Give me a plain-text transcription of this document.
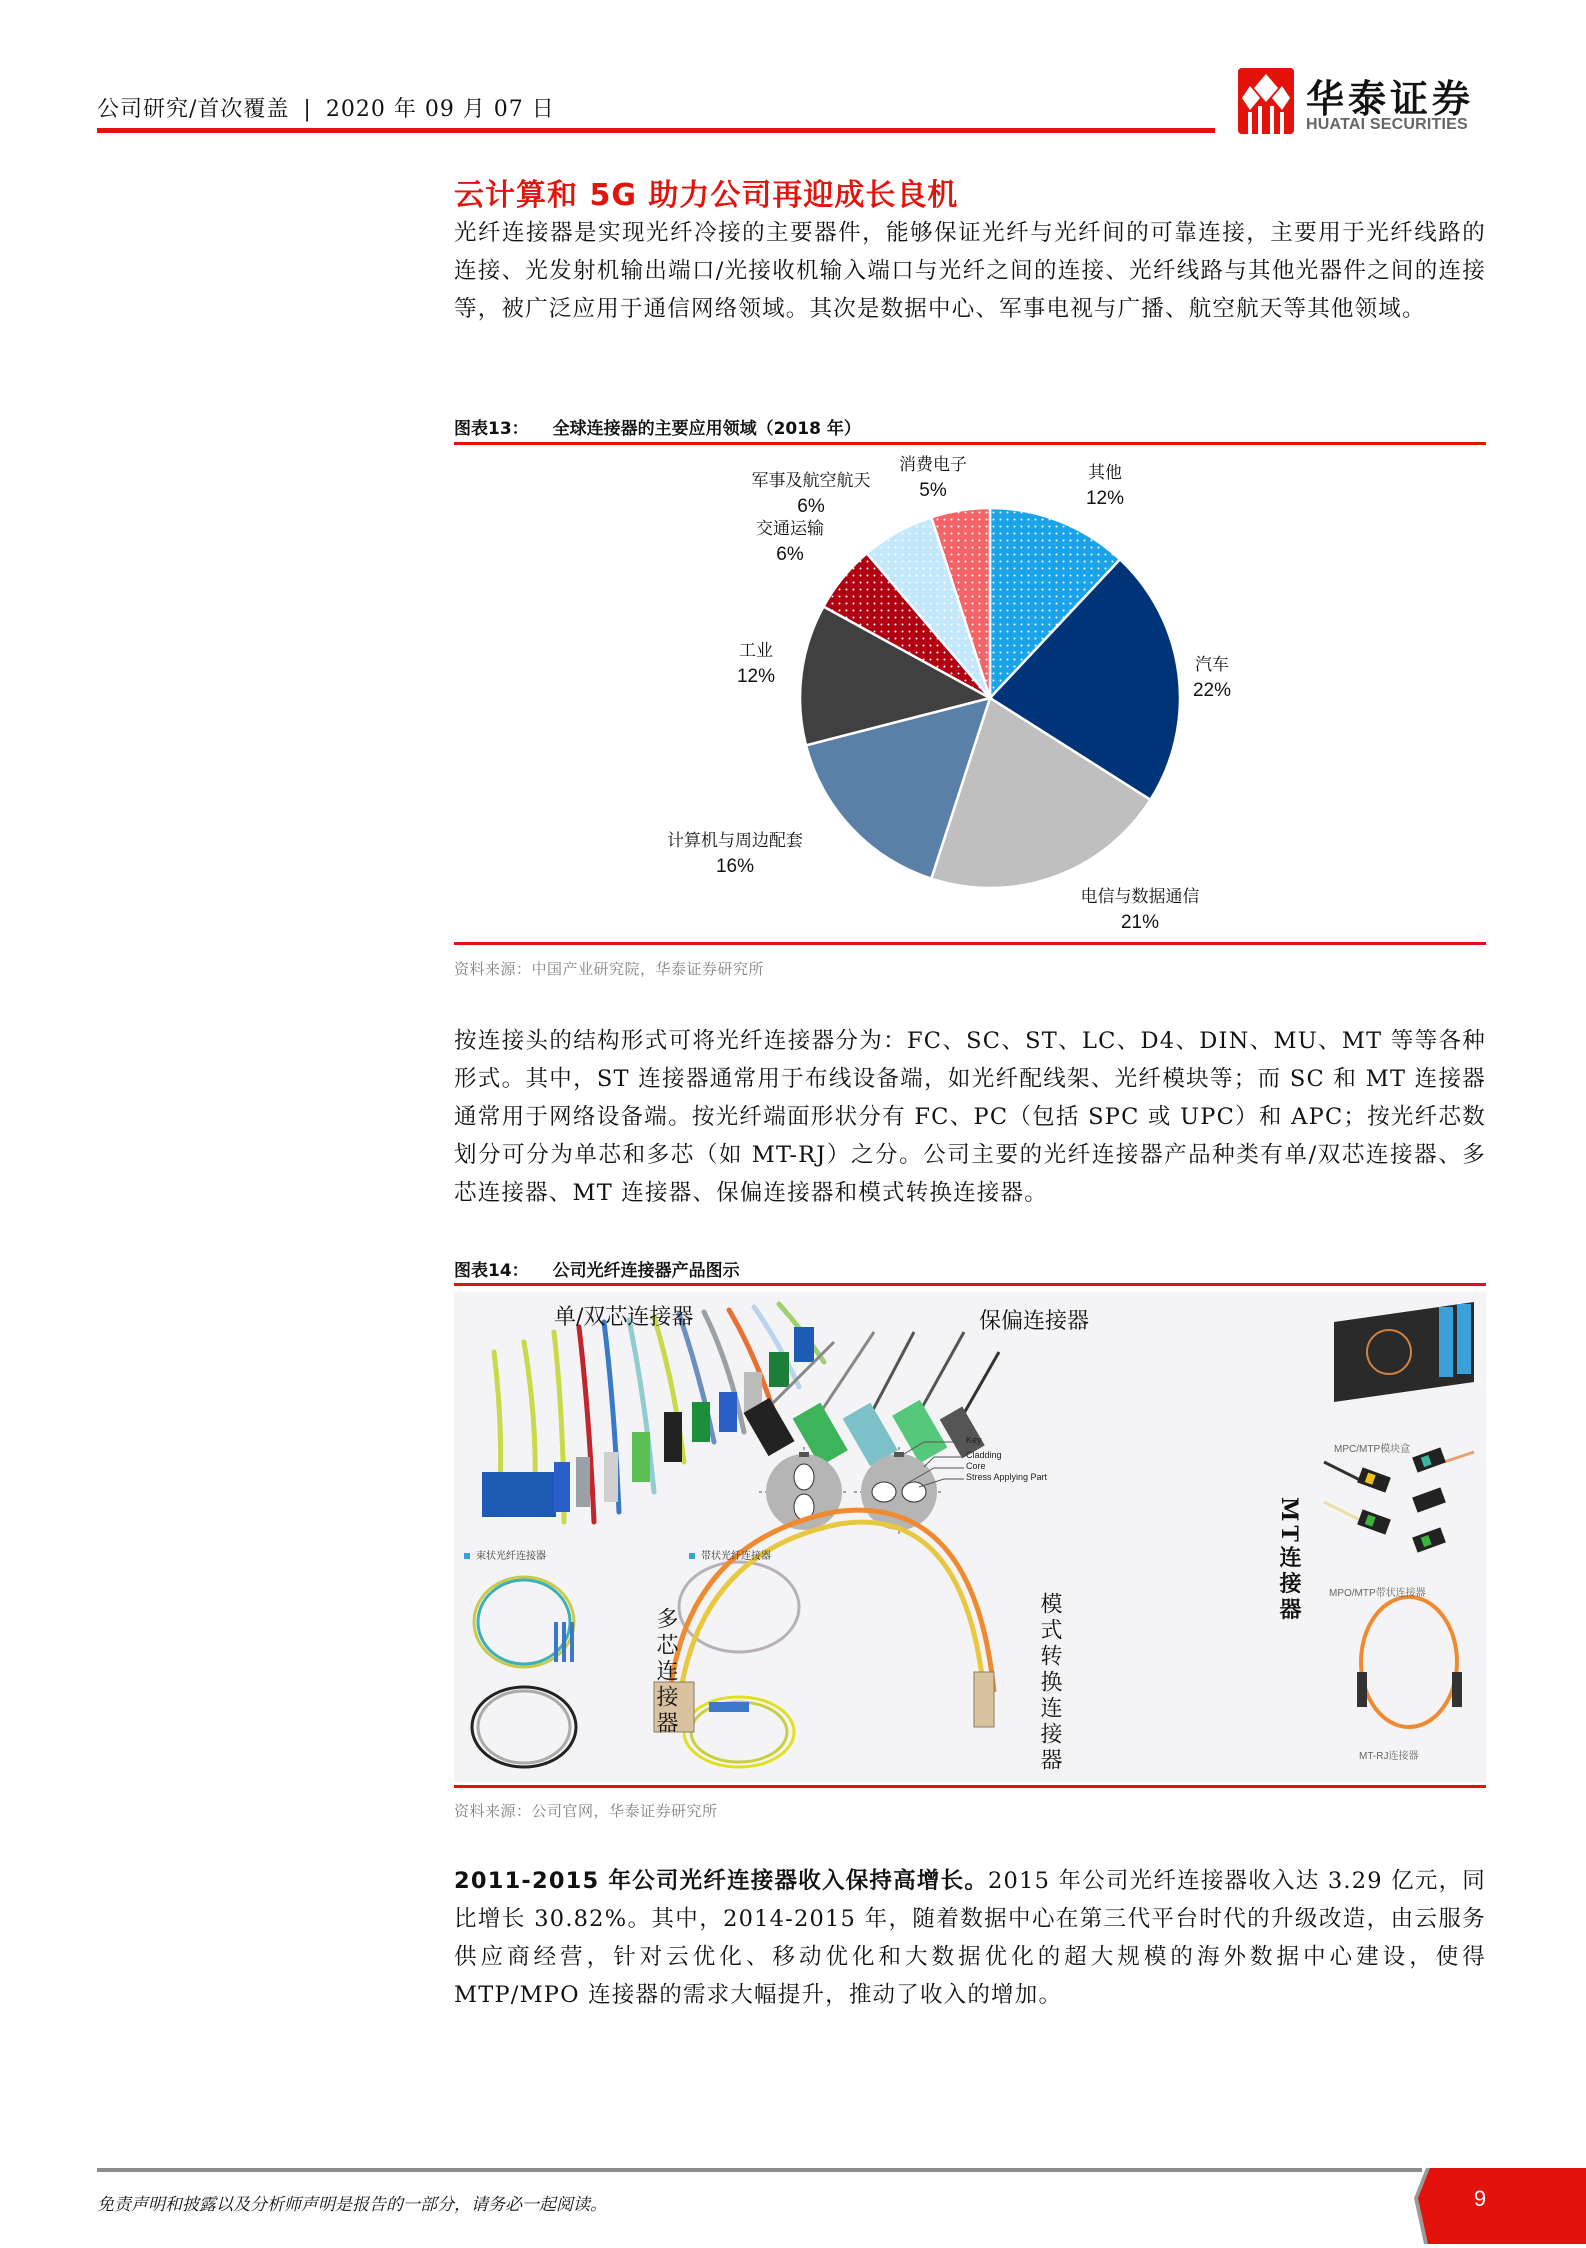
公司研究/首次覆盖 | 2020 年 09 月 07 日	华泰证券
HUATAI SECURITIES
云计算和 5G 助力公司再迎成长良机

光纤连接器是实现光纤冷接的主要器件，能够保证光纤与光纤间的可靠连接，主要用于光纤线路的连接、光发射机输出端口/光接收机输入端口与光纤之间的连接、光纤线路与其他光器件之间的连接等，被广泛应用于通信网络领域。其次是数据中心、军事电视与广播、航空航天等其他领域。

图表13： 全球连接器的主要应用领域（2018 年）
其他
12%
汽车
22%
电信与数据通信
21%
计算机与周边配套
16%
工业
12%
交通运输
6%
军事及航空航天
6%
消费电子
5%
资料来源：中国产业研究院，华泰证券研究所

按连接头的结构形式可将光纤连接器分为：FC、SC、ST、LC、D4、DIN、MU、MT 等等各种形式。其中，ST 连接器通常用于布线设备端，如光纤配线架、光纤模块等；而 SC 和 MT 连接器通常用于网络设备端。按光纤端面形状分有 FC、PC（包括 SPC 或 UPC）和 APC；按光纤芯数划分可分为单芯和多芯（如 MT-RJ）之分。公司主要的光纤连接器产品种类有单/双芯连接器、多芯连接器、MT 连接器、保偏连接器和模式转换连接器。

图表14： 公司光纤连接器产品图示
单/双芯连接器	保偏连接器
多芯连接器	模式转换连接器
MT连接器
束状光纤连接器	带状光纤连接器
MPC/MTP模块盒
MPO/MTP带状连接器
MT-RJ连接器
Key
Cladding
Core
Stress Applying Part
资料来源：公司官网，华泰证券研究所

2011-2015 年公司光纤连接器收入保持高增长。2015 年公司光纤连接器收入达 3.29 亿元，同比增长 30.82%。其中，2014-2015 年，随着数据中心在第三代平台时代的升级改造，由云服务供应商经营，针对云优化、移动优化和大数据优化的超大规模的海外数据中心建设，使得 MTP/MPO 连接器的需求大幅提升，推动了收入的增加。

免责声明和披露以及分析师声明是报告的一部分，请务必一起阅读。	9
